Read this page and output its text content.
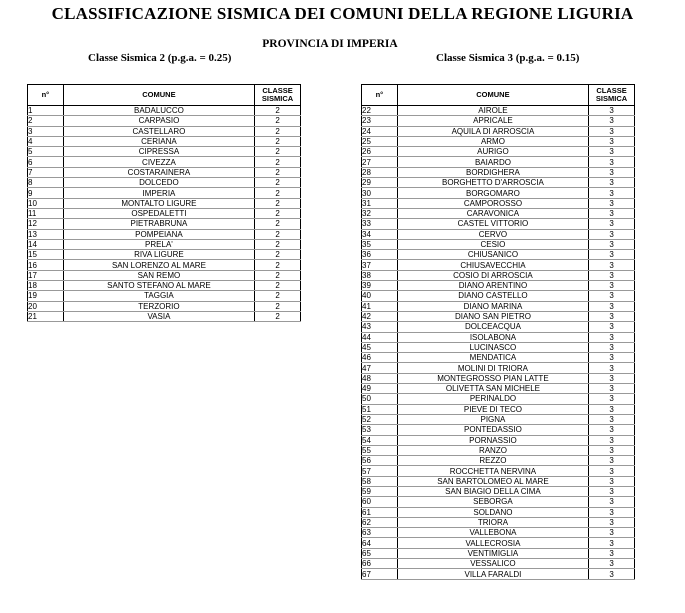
CLASSIFICAZIONE SISMICA DEI COMUNI DELLA REGIONE LIGURIA
PROVINCIA DI IMPERIA
Classe Sismica 2 (p.g.a. = 0.25)	Classe Sismica 3 (p.g.a. = 0.15)
n°	COMUNE	CLASSE SISMICA
1	BADALUCCO	2
2	CARPASIO	2
3	CASTELLARO	2
4	CERIANA	2
5	CIPRESSA	2
6	CIVEZZA	2
7	COSTARAINERA	2
8	DOLCEDO	2
9	IMPERIA	2
10	MONTALTO LIGURE	2
11	OSPEDALETTI	2
12	PIETRABRUNA	2
13	POMPEIANA	2
14	PRELA'	2
15	RIVA LIGURE	2
16	SAN LORENZO AL MARE	2
17	SAN REMO	2
18	SANTO STEFANO AL MARE	2
19	TAGGIA	2
20	TERZORIO	2
21	VASIA	2
n°	COMUNE	CLASSE SISMICA
22	AIROLE	3
23	APRICALE	3
24	AQUILA DI ARROSCIA	3
25	ARMO	3
26	AURIGO	3
27	BAIARDO	3
28	BORDIGHERA	3
29	BORGHETTO D'ARROSCIA	3
30	BORGOMARO	3
31	CAMPOROSSO	3
32	CARAVONICA	3
33	CASTEL VITTORIO	3
34	CERVO	3
35	CESIO	3
36	CHIUSANICO	3
37	CHIUSAVECCHIA	3
38	COSIO DI ARROSCIA	3
39	DIANO ARENTINO	3
40	DIANO CASTELLO	3
41	DIANO MARINA	3
42	DIANO SAN PIETRO	3
43	DOLCEACQUA	3
44	ISOLABONA	3
45	LUCINASCO	3
46	MENDATICA	3
47	MOLINI DI TRIORA	3
48	MONTEGROSSO PIAN LATTE	3
49	OLIVETTA SAN MICHELE	3
50	PERINALDO	3
51	PIEVE DI TECO	3
52	PIGNA	3
53	PONTEDASSIO	3
54	PORNASSIO	3
55	RANZO	3
56	REZZO	3
57	ROCCHETTA NERVINA	3
58	SAN BARTOLOMEO AL MARE	3
59	SAN BIAGIO DELLA CIMA	3
60	SEBORGA	3
61	SOLDANO	3
62	TRIORA	3
63	VALLEBONA	3
64	VALLECROSIA	3
65	VENTIMIGLIA	3
66	VESSALICO	3
67	VILLA FARALDI	3
